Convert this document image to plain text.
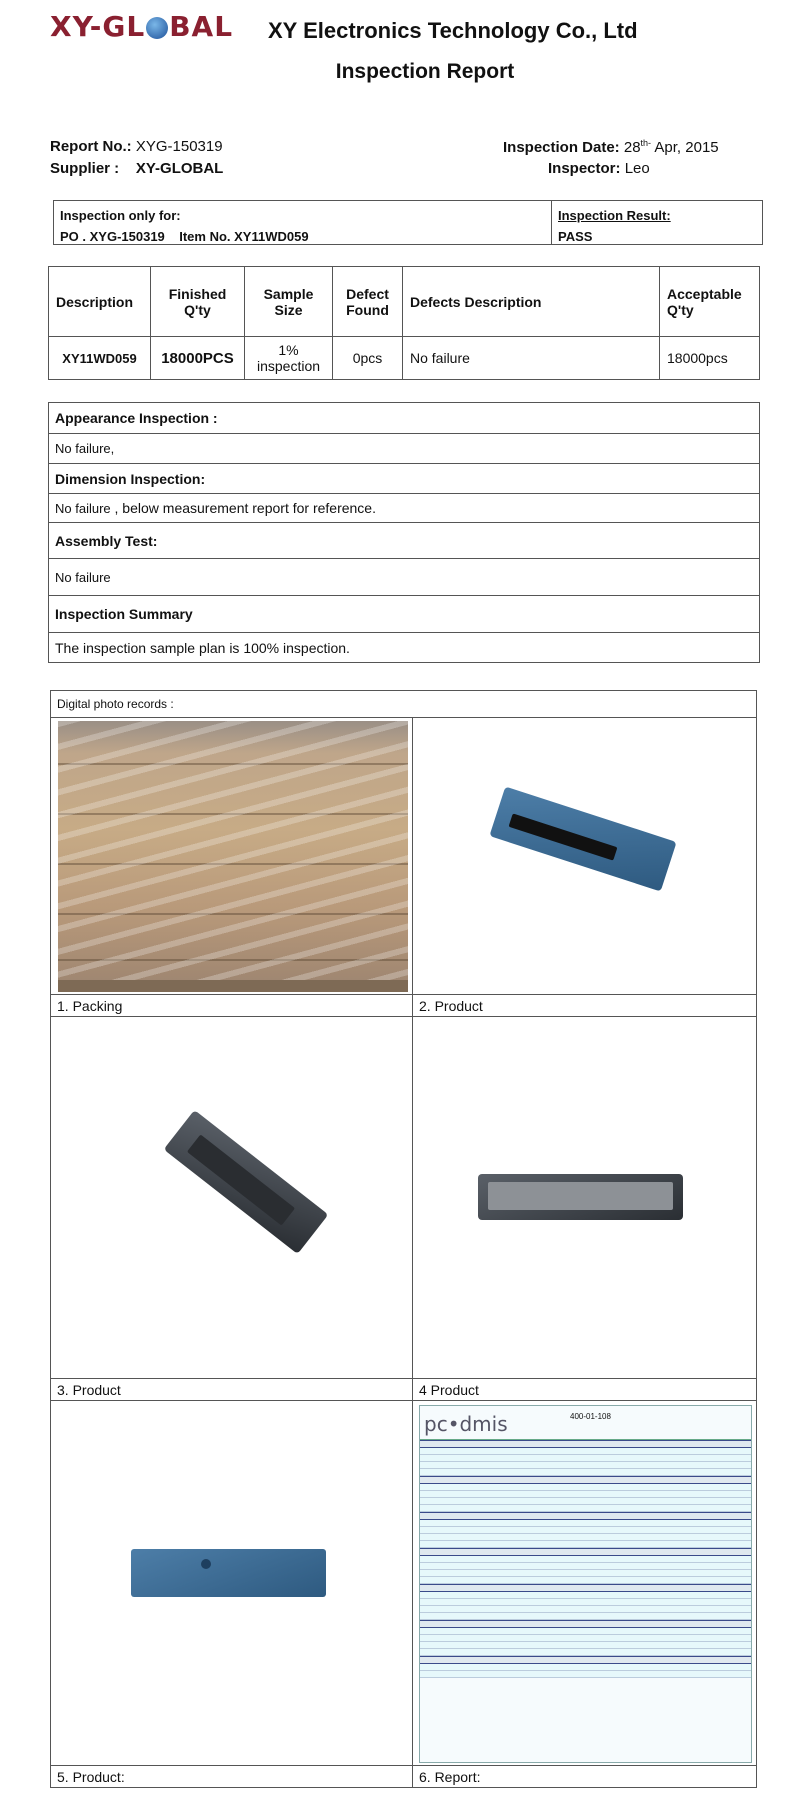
XY-GL BAL XY Electronics Technology Co., Ltd
Inspection Report
Report No.: XYG-150319
Supplier : XY-GLOBAL
Inspection Date: $28^{th-}$ Apr, 2015
Inspector: Leo
Inspection only for:
PO . XYG-150319 Item No. XY11WD059
Inspection Result:
PASS
Description	Finished Q'ty	Sample Size	Defect Found	Defects Description	Acceptable Q'ty
XY11WD059	18000PCS	1% inspection	0pcs	No failure	18000pcs
Appearance Inspection :
No failure,
Dimension Inspection:
No failure , below measurement report for reference.
Assembly Test:
No failure
Inspection Summary
The inspection sample plan is 100% inspection.
Digital photo records :	

1. Packing	2. Product

3. Product	4 Product

	pc•dmis 400-01-108

5. Product:	6. Report:
